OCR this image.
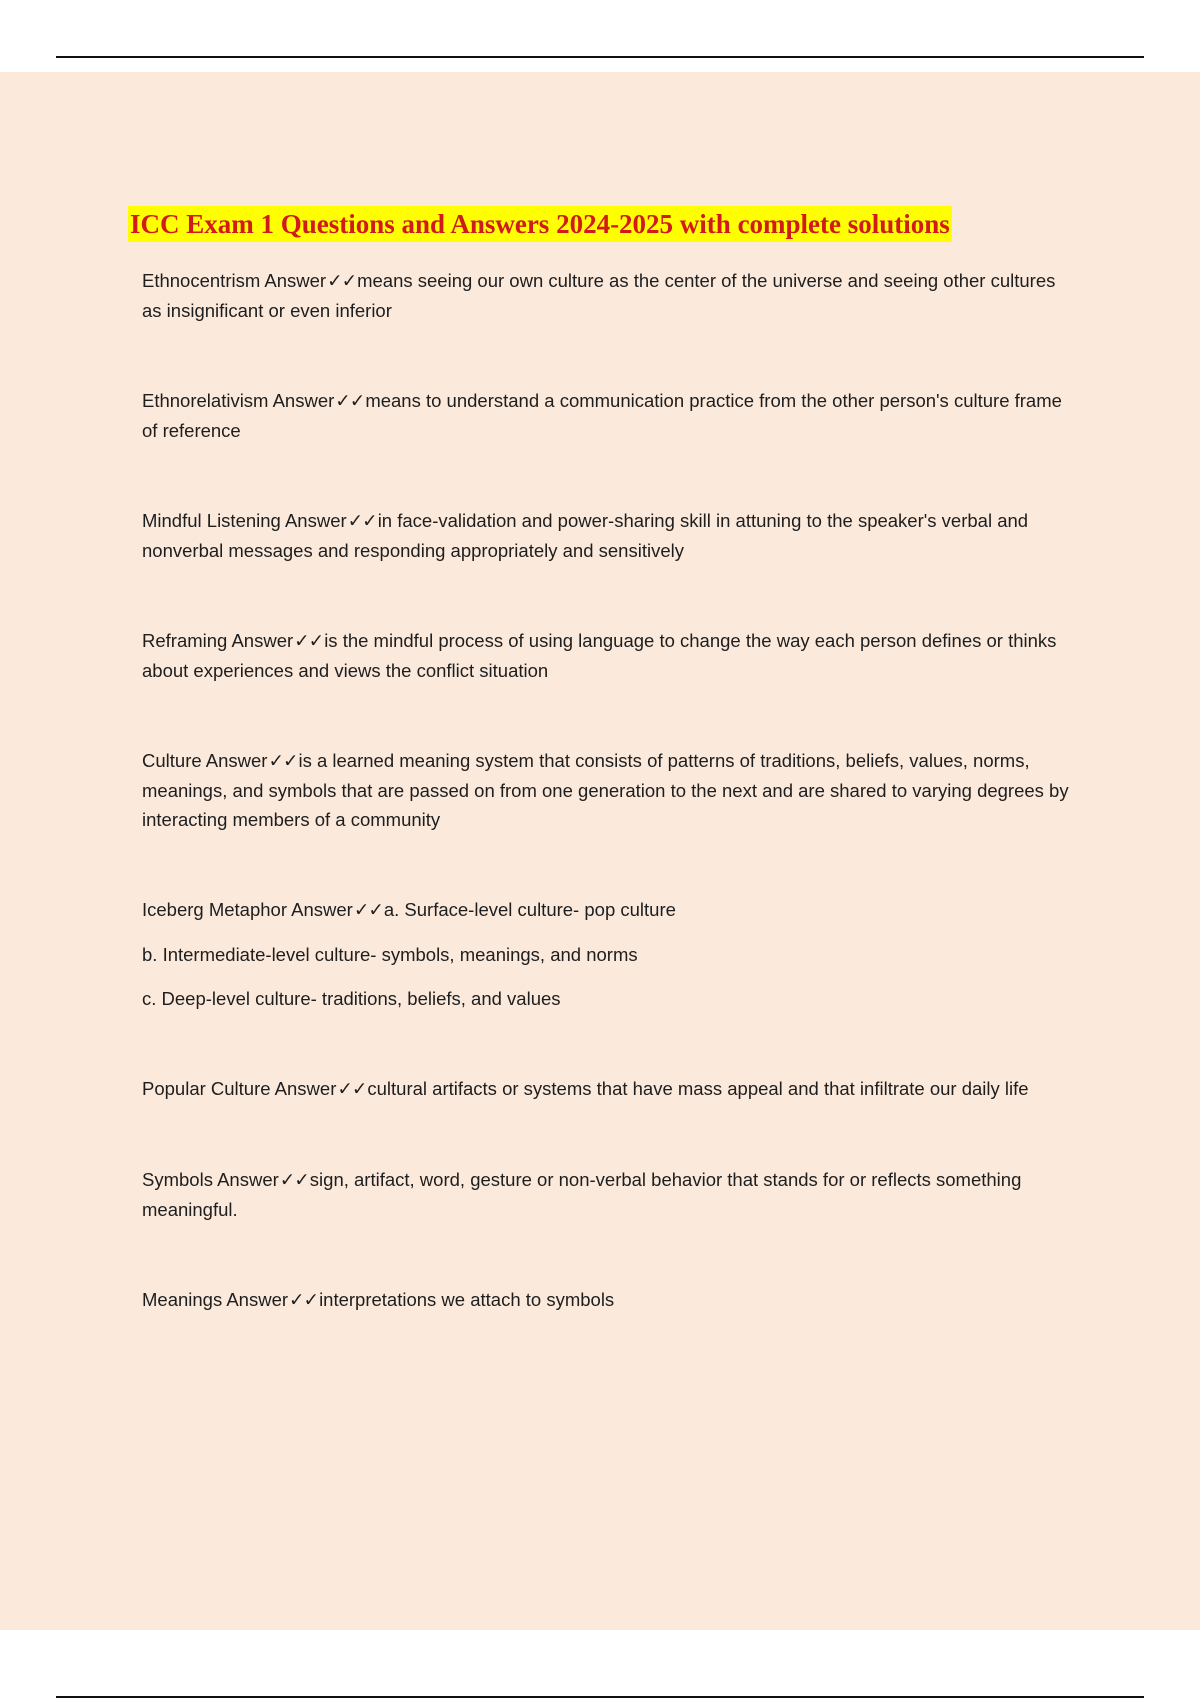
ICC Exam 1 Questions and Answers 2024-2025 with complete solutions

Ethnocentrism Answer✓✓means seeing our own culture as the center of the universe and seeing other cultures as insignificant or even inferior

Ethnorelativism Answer✓✓means to understand a communication practice from the other person's culture frame of reference

Mindful Listening Answer✓✓in face-validation and power-sharing skill in attuning to the speaker's verbal and nonverbal messages and responding appropriately and sensitively

Reframing Answer✓✓is the mindful process of using language to change the way each person defines or thinks about experiences and views the conflict situation

Culture Answer✓✓is a learned meaning system that consists of patterns of traditions, beliefs, values, norms, meanings, and symbols that are passed on from one generation to the next and are shared to varying degrees by interacting members of a community

Iceberg Metaphor Answer✓✓a. Surface-level culture- pop culture

b. Intermediate-level culture- symbols, meanings, and norms

c. Deep-level culture- traditions, beliefs, and values

Popular Culture Answer✓✓cultural artifacts or systems that have mass appeal and that infiltrate our daily life

Symbols Answer✓✓sign, artifact, word, gesture or non-verbal behavior that stands for or reflects something meaningful.

Meanings Answer✓✓interpretations we attach to symbols
